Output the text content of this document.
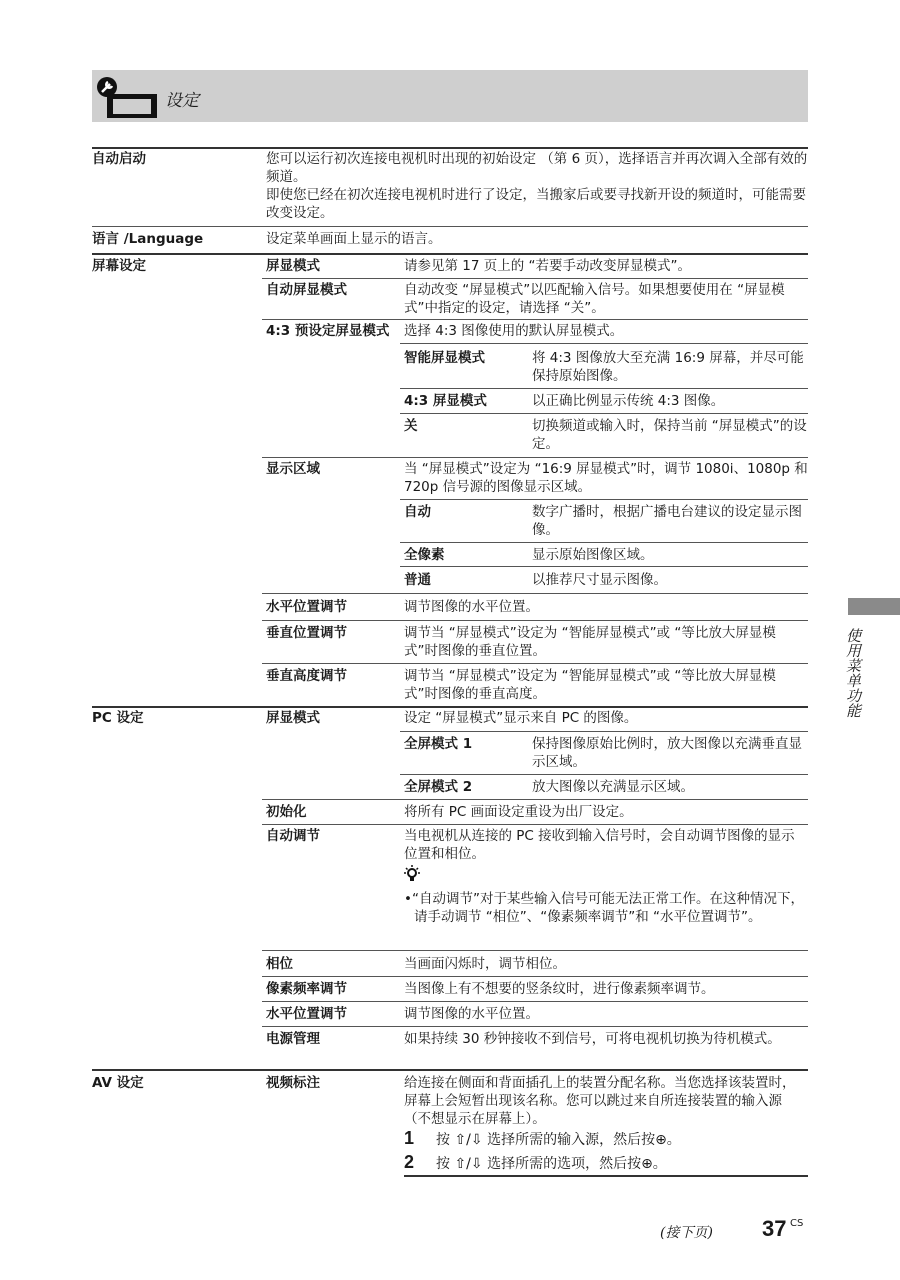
设定
使用菜单功能
自动启动	您可以运行初次连接电视机时出现的初始设定 （第 6 页），选择语言并再次调入全部有效的频道。
即使您已经在初次连接电视机时进行了设定，当搬家后或要寻找新开设的频道时，可能需要改变设定。
语言 /Language	设定菜单画面上显示的语言。
屏幕设定	屏显模式	请参见第 17 页上的 “若要手动改变屏显模式”。
自动屏显模式	自动改变 “屏显模式”以匹配输入信号。如果想要使用在 “屏显模式”中指定的设定，请选择 “关”。
4:3 预设定屏显模式	选择 4:3 图像使用的默认屏显模式。
智能屏显模式	将 4:3 图像放大至充满 16:9 屏幕，并尽可能保持原始图像。
4:3 屏显模式	以正确比例显示传统 4:3 图像。
关	切换频道或输入时，保持当前 “屏显模式”的设定。
显示区域	当 “屏显模式”设定为 “16:9 屏显模式”时，调节 1080i、1080p 和 720p 信号源的图像显示区域。
自动	数字广播时，根据广播电台建议的设定显示图像。
全像素	显示原始图像区域。
普通	以推荐尺寸显示图像。
水平位置调节	调节图像的水平位置。
垂直位置调节	调节当 “屏显模式”设定为 “智能屏显模式”或 “等比放大屏显模式”时图像的垂直位置。
垂直高度调节	调节当 “屏显模式”设定为 “智能屏显模式”或 “等比放大屏显模式”时图像的垂直高度。
PC 设定	屏显模式	设定 “屏显模式”显示来自 PC 的图像。
全屏模式 1	保持图像原始比例时，放大图像以充满垂直显示区域。
全屏模式 2	放大图像以充满显示区域。
初始化	将所有 PC 画面设定重设为出厂设定。
自动调节	当电视机从连接的 PC 接收到输入信号时，会自动调节图像的显示位置和相位。
•“自动调节”对于某些输入信号可能无法正常工作。在这种情况下，请手动调节 “相位”、“像素频率调节”和 “水平位置调节”。
相位	当画面闪烁时，调节相位。
像素频率调节	当图像上有不想要的竖条纹时，进行像素频率调节。
水平位置调节	调节图像的水平位置。
电源管理	如果持续 30 秒钟接收不到信号，可将电视机切换为待机模式。
AV 设定	视频标注	给连接在侧面和背面插孔上的装置分配名称。当您选择该装置时，屏幕上会短暂出现该名称。您可以跳过来自所连接装置的输入源 （不想显示在屏幕上）。
1 按 ⇧/⇩ 选择所需的输入源，然后按⊕。
2 按 ⇧/⇩ 选择所需的选项，然后按⊕。
(接下页) 37 CS
